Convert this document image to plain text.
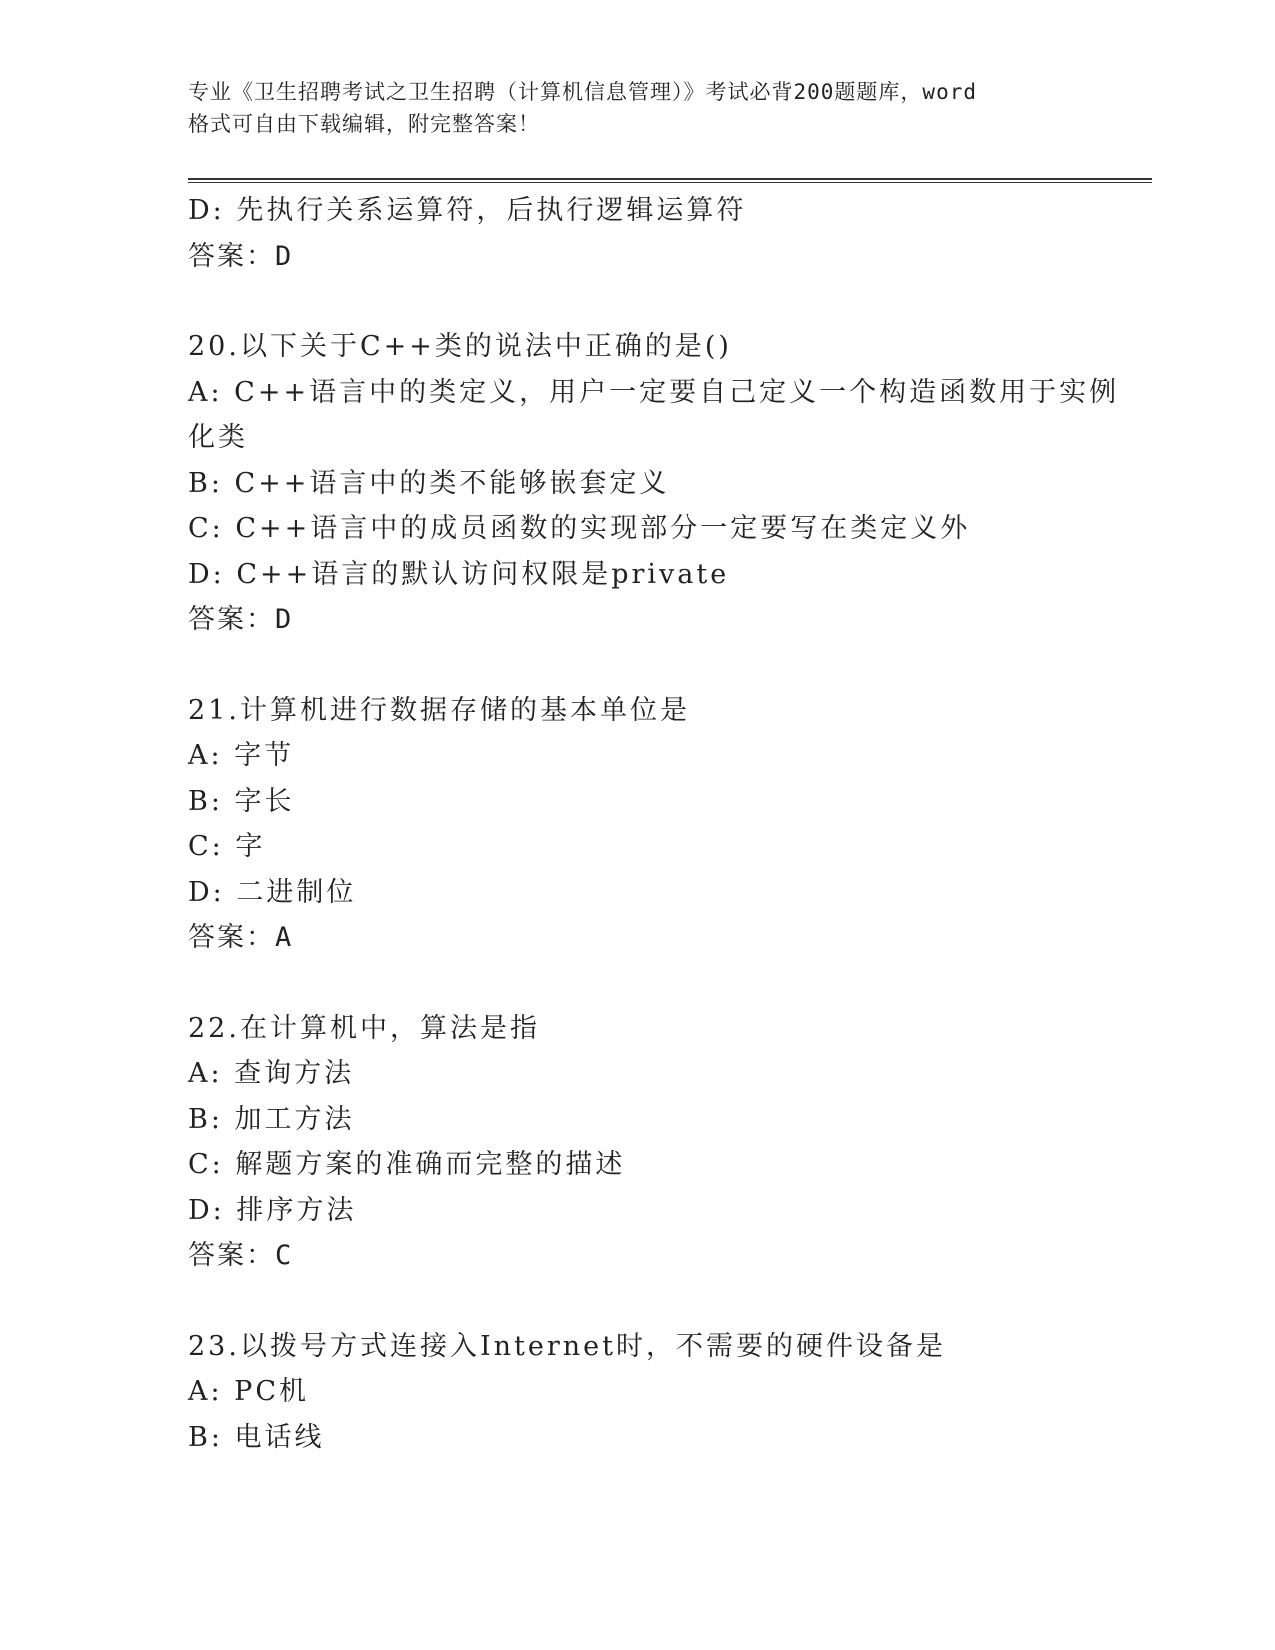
专业《卫生招聘考试之卫生招聘（计算机信息管理）》考试必背200题题库，word
格式可自由下载编辑，附完整答案！
D: 先执行关系运算符，后执行逻辑运算符
答案：D
20.以下关于C++类的说法中正确的是()
A: C++语言中的类定义，用户一定要自己定义一个构造函数用于实例
化类
B: C++语言中的类不能够嵌套定义
C: C++语言中的成员函数的实现部分一定要写在类定义外
D: C++语言的默认访问权限是private
答案：D
21.计算机进行数据存储的基本单位是
A: 字节
B: 字长
C: 字
D: 二进制位
答案：A
22.在计算机中，算法是指
A: 查询方法
B: 加工方法
C: 解题方案的准确而完整的描述
D: 排序方法
答案：C
23.以拨号方式连接入Internet时，不需要的硬件设备是
A: PC机
B: 电话线
